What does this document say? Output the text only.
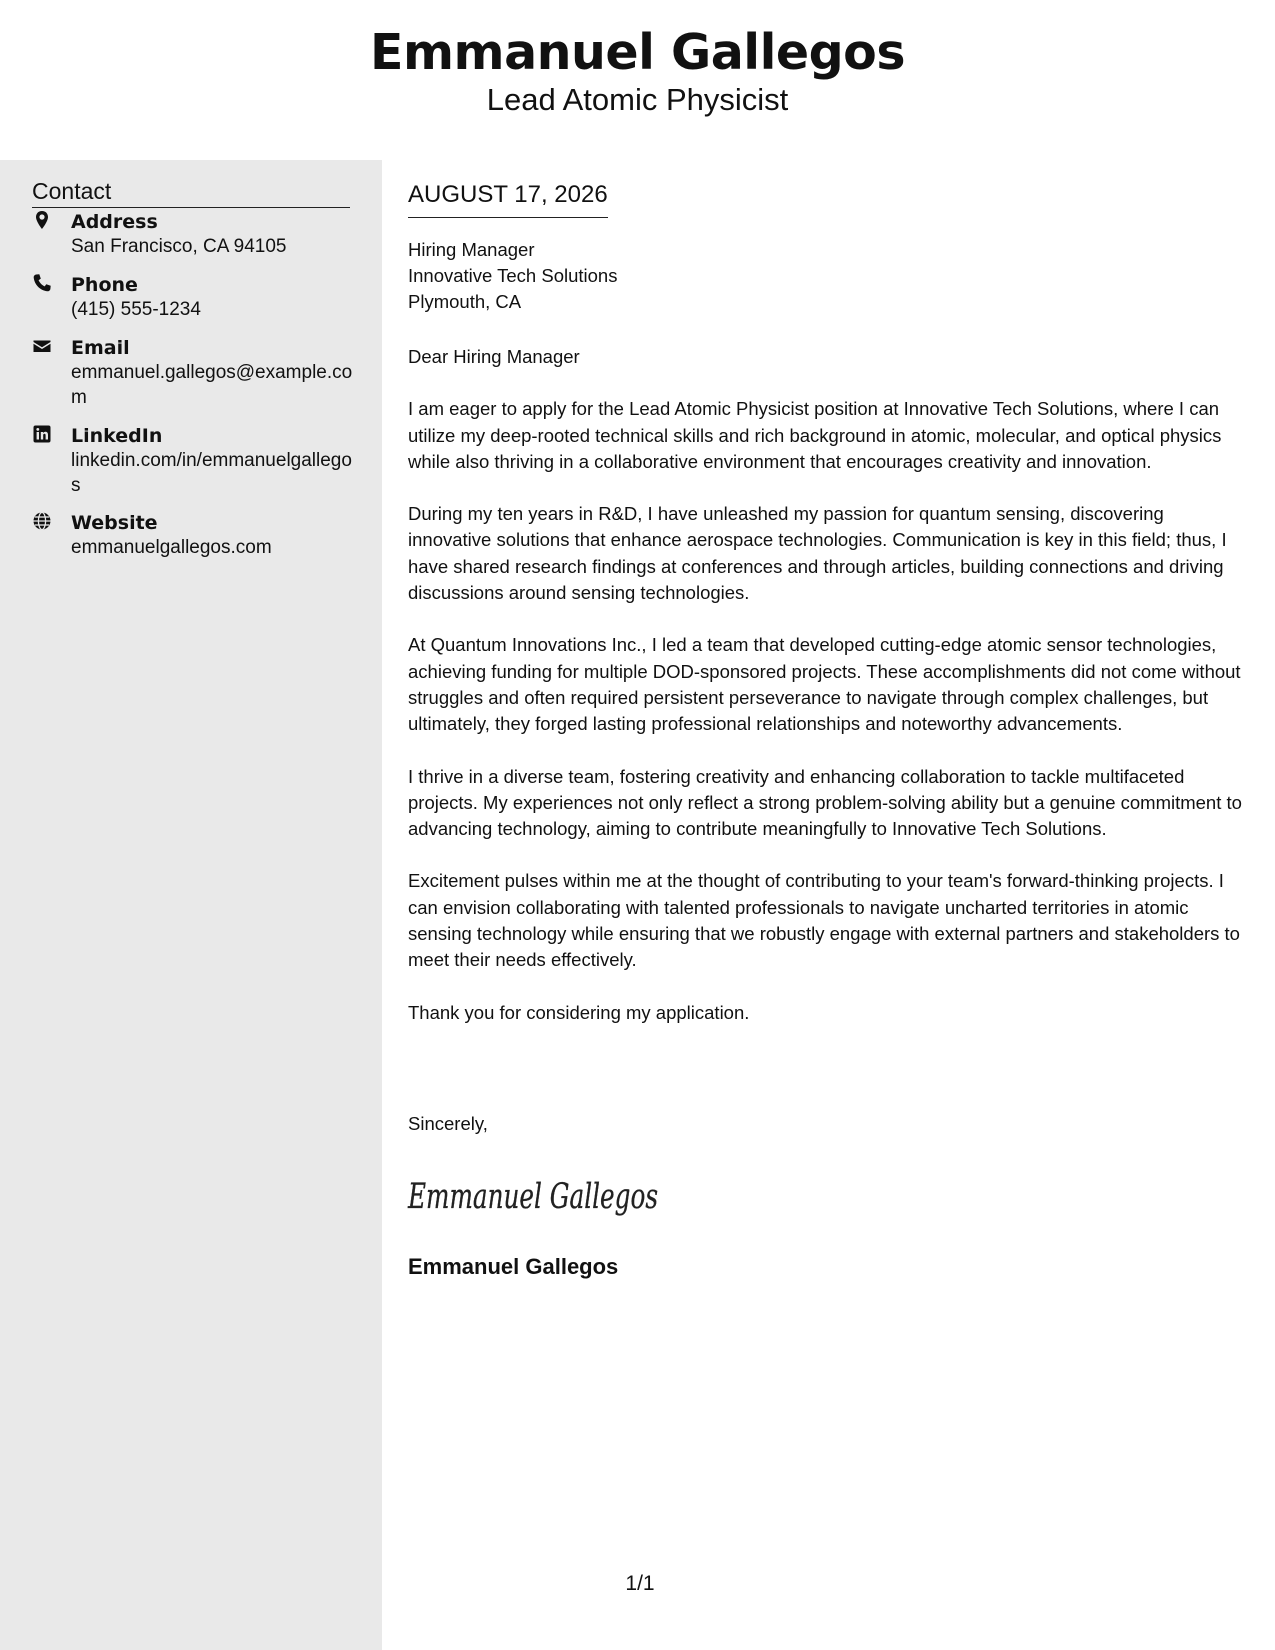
Emmanuel Gallegos
Lead Atomic Physicist
Contact
Address
San Francisco, CA 94105
Phone
(415) 555-1234
Email
emmanuel.gallegos@example.com
LinkedIn
linkedin.com/in/emmanuelgallegos
Website
emmanuelgallegos.com
AUGUST 17, 2026
Hiring Manager
Innovative Tech Solutions
Plymouth, CA

Dear Hiring Manager

I am eager to apply for the Lead Atomic Physicist position at Innovative Tech Solutions, where I can utilize my deep-rooted technical skills and rich background in atomic, molecular, and optical physics while also thriving in a collaborative environment that encourages creativity and innovation.

During my ten years in R&D, I have unleashed my passion for quantum sensing, discovering innovative solutions that enhance aerospace technologies. Communication is key in this field; thus, I have shared research findings at conferences and through articles, building connections and driving discussions around sensing technologies.

At Quantum Innovations Inc., I led a team that developed cutting-edge atomic sensor technologies, achieving funding for multiple DOD-sponsored projects. These accomplishments did not come without struggles and often required persistent perseverance to navigate through complex challenges, but ultimately, they forged lasting professional relationships and noteworthy advancements.

I thrive in a diverse team, fostering creativity and enhancing collaboration to tackle multifaceted projects. My experiences not only reflect a strong problem-solving ability but a genuine commitment to advancing technology, aiming to contribute meaningfully to Innovative Tech Solutions.

Excitement pulses within me at the thought of contributing to your team's forward-thinking projects. I can envision collaborating with talented professionals to navigate uncharted territories in atomic sensing technology while ensuring that we robustly engage with external partners and stakeholders to meet their needs effectively.

Thank you for considering my application.

Sincerely,
Emmanuel Gallegos
Emmanuel Gallegos
1/1
